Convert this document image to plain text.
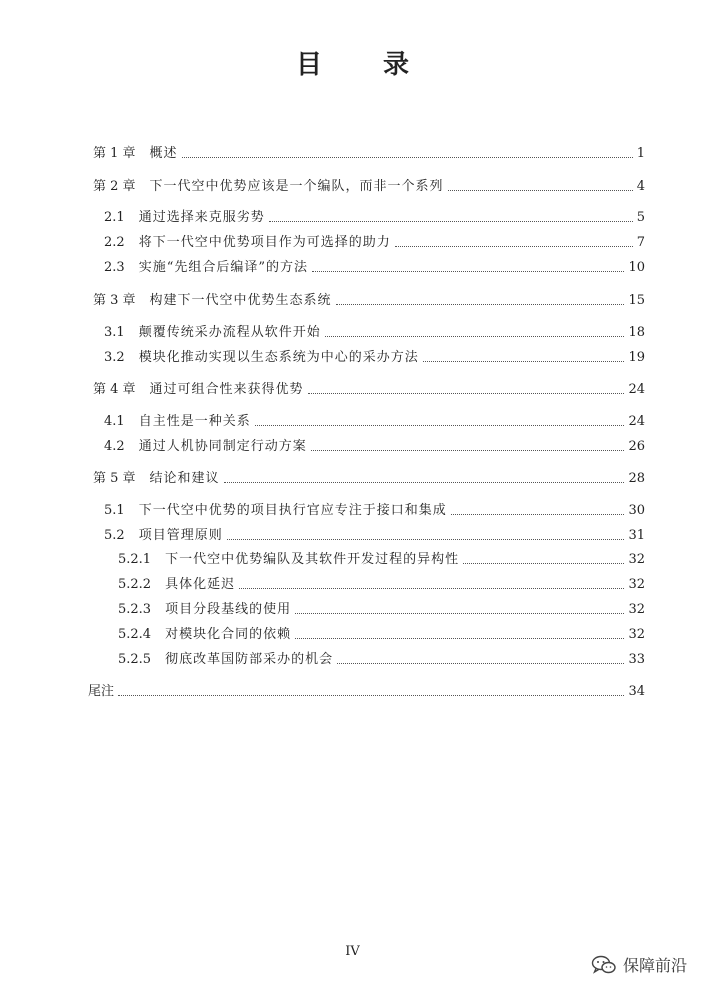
目 录
第 1 章 概述	1
第 2 章 下一代空中优势应该是一个编队，而非一个系列	4
2.1 通过选择来克服劣势	5
2.2 将下一代空中优势项目作为可选择的助力	7
2.3 实施“先组合后编译”的方法	10
第 3 章 构建下一代空中优势生态系统	15
3.1 颠覆传统采办流程从软件开始	18
3.2 模块化推动实现以生态系统为中心的采办方法	19
第 4 章 通过可组合性来获得优势	24
4.1 自主性是一种关系	24
4.2 通过人机协同制定行动方案	26
第 5 章 结论和建议	28
5.1 下一代空中优势的项目执行官应专注于接口和集成	30
5.2 项目管理原则	31
5.2.1 下一代空中优势编队及其软件开发过程的异构性	32
5.2.2 具体化延迟	32
5.2.3 项目分段基线的使用	32
5.2.4 对模块化合同的依赖	32
5.2.5 彻底改革国防部采办的机会	33
尾注	34
IV
保障前沿
